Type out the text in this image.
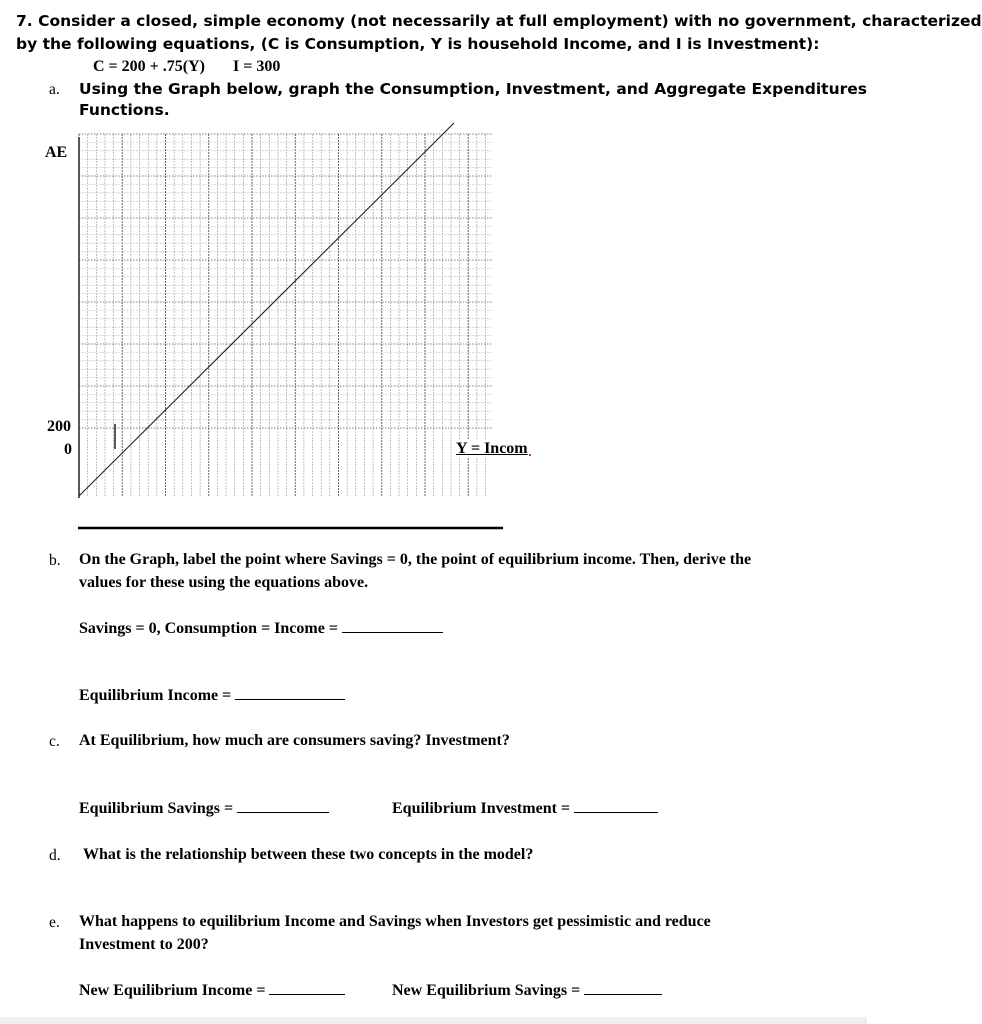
7. Consider a closed, simple economy (not necessarily at full employment) with no government, characterized
by the following equations, (C is Consumption, Y is household Income, and I is Investment):
C = 200 + .75(Y) I = 300
a. Using the Graph below, graph the Consumption, Investment, and Aggregate Expenditures
Functions.
AE
200
0	Y = Incom
b. On the Graph, label the point where Savings = 0, the point of equilibrium income. Then, derive the
values for these using the equations above.
Savings = 0, Consumption = Income =
Equilibrium Income =
c. At Equilibrium, how much are consumers saving? Investment?
Equilibrium Savings =	Equilibrium Investment =
d. What is the relationship between these two concepts in the model?
e. What happens to equilibrium Income and Savings when Investors get pessimistic and reduce
Investment to 200?
New Equilibrium Income =	New Equilibrium Savings =
